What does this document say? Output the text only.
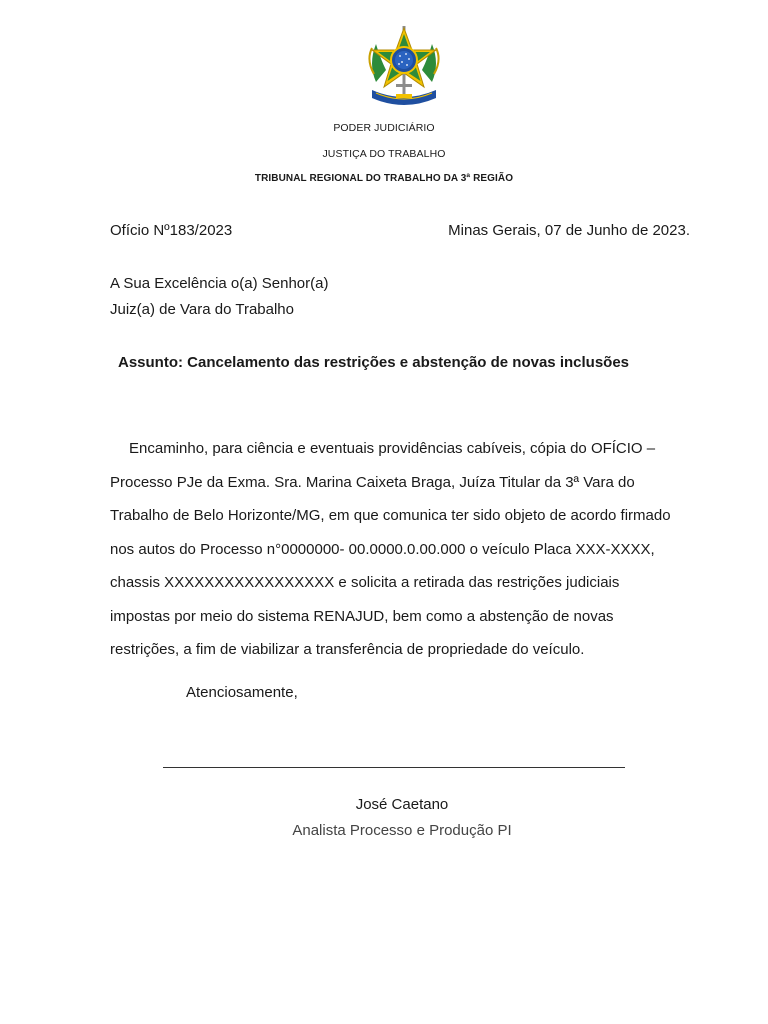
PODER JUDICIÁRIO
JUSTIÇA DO TRABALHO
TRIBUNAL REGIONAL DO TRABALHO DA 3ª REGIÃO
Ofício Nº183/2023	Minas Gerais, 07 de Junho de 2023.
A Sua Excelência o(a) Senhor(a)
Juiz(a) de Vara do Trabalho
Assunto: Cancelamento das restrições e abstenção de novas inclusões
Encaminho, para ciência e eventuais providências cabíveis, cópia do OFÍCIO –
Processo PJe da Exma. Sra. Marina Caixeta Braga, Juíza Titular da 3ª Vara do
Trabalho de Belo Horizonte/MG, em que comunica ter sido objeto de acordo firmado
nos autos do Processo n°0000000- 00.0000.0.00.000 o veículo Placa XXX-XXXX,
chassis XXXXXXXXXXXXXXXXX e solicita a retirada das restrições judiciais
impostas por meio do sistema RENAJUD, bem como a abstenção de novas
restrições, a fim de viabilizar a transferência de propriedade do veículo.
Atenciosamente,
José Caetano
Analista Processo e Produção PI
